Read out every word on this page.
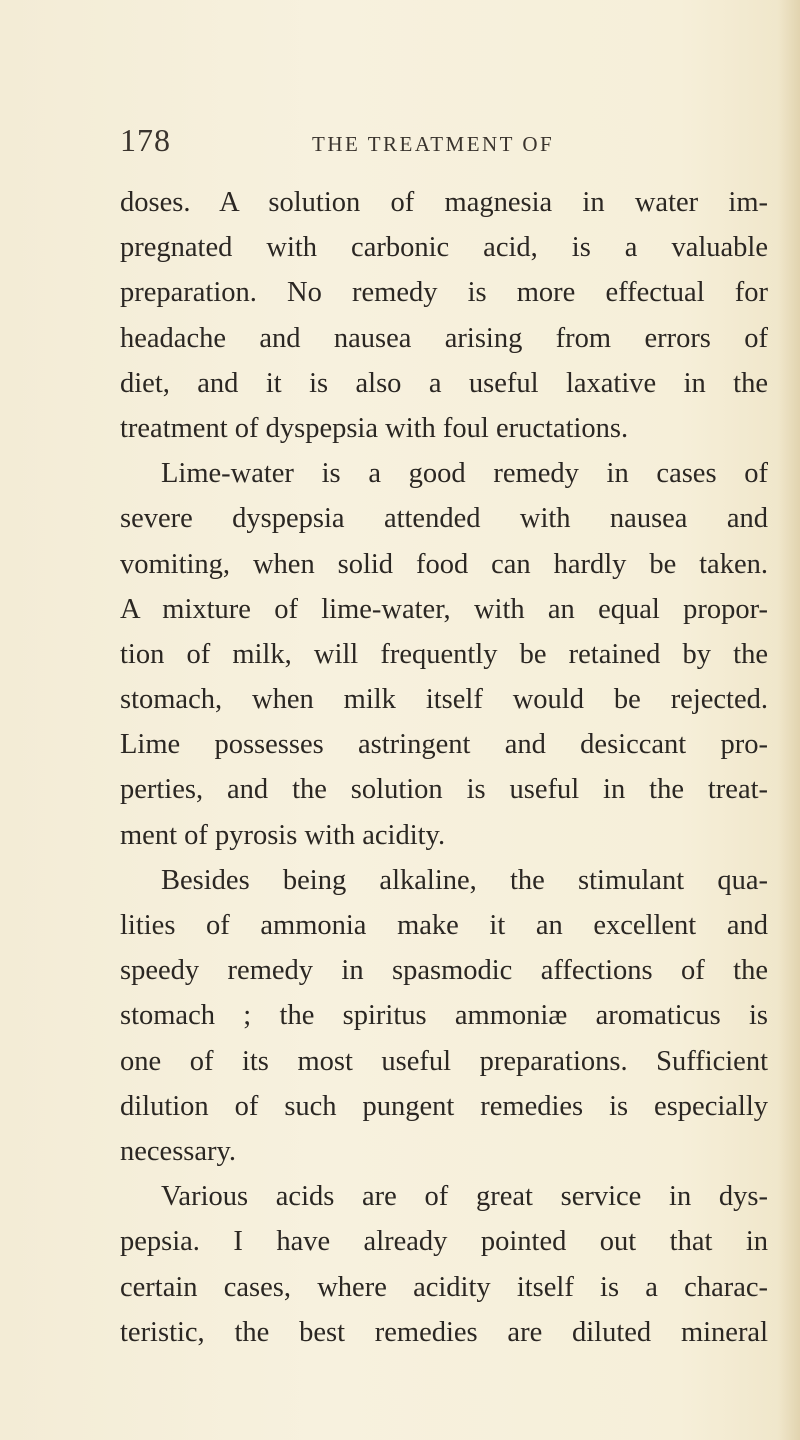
178	THE TREATMENT OF
doses. A solution of magnesia in water im-
pregnated with carbonic acid, is a valuable
preparation. No remedy is more effectual for
headache and nausea arising from errors of
diet, and it is also a useful laxative in the
treatment of dyspepsia with foul eructations.
Lime-water is a good remedy in cases of
severe dyspepsia attended with nausea and
vomiting, when solid food can hardly be taken.
A mixture of lime-water, with an equal propor-
tion of milk, will frequently be retained by the
stomach, when milk itself would be rejected.
Lime possesses astringent and desiccant pro-
perties, and the solution is useful in the treat-
ment of pyrosis with acidity.
Besides being alkaline, the stimulant qua-
lities of ammonia make it an excellent and
speedy remedy in spasmodic affections of the
stomach ; the spiritus ammoniæ aromaticus is
one of its most useful preparations. Sufficient
dilution of such pungent remedies is especially
necessary.
Various acids are of great service in dys-
pepsia. I have already pointed out that in
certain cases, where acidity itself is a charac-
teristic, the best remedies are diluted mineral
